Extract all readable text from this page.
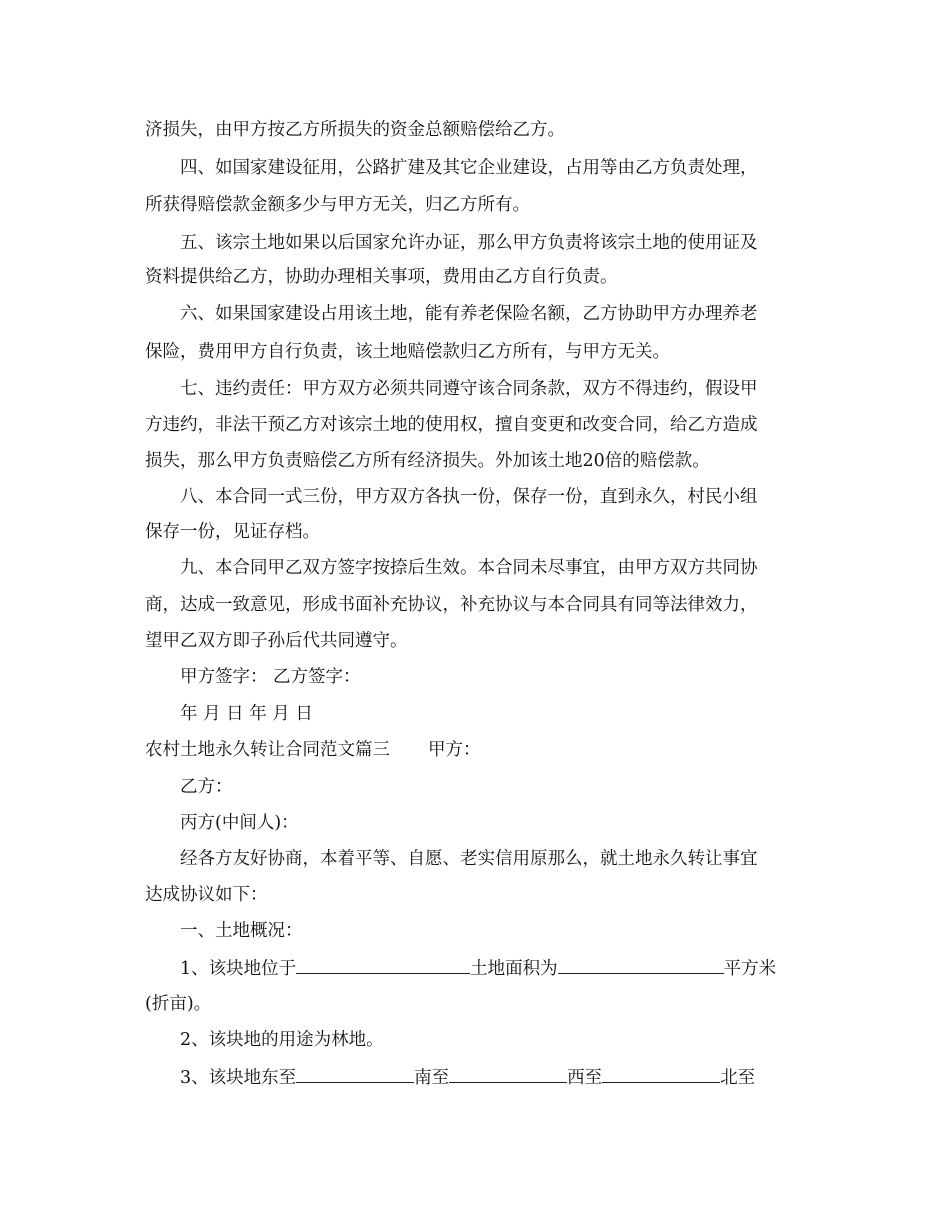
济损失，由甲方按乙方所损失的资金总额赔偿给乙方。
四、如国家建设征用，公路扩建及其它企业建设，占用等由乙方负责处理，
所获得赔偿款金额多少与甲方无关，归乙方所有。
五、该宗土地如果以后国家允许办证，那么甲方负责将该宗土地的使用证及
资料提供给乙方，协助办理相关事项，费用由乙方自行负责。
六、如果国家建设占用该土地，能有养老保险名额，乙方协助甲方办理养老
保险，费用甲方自行负责，该土地赔偿款归乙方所有，与甲方无关。
七、违约责任：甲方双方必须共同遵守该合同条款，双方不得违约，假设甲
方违约，非法干预乙方对该宗土地的使用权，擅自变更和改变合同，给乙方造成
损失，那么甲方负责赔偿乙方所有经济损失。外加该土地20倍的赔偿款。
八、本合同一式三份，甲方双方各执一份，保存一份，直到永久，村民小组
保存一份，见证存档。
九、本合同甲乙双方签字按捺后生效。本合同未尽事宜，由甲方双方共同协
商，达成一致意见，形成书面补充协议，补充协议与本合同具有同等法律效力，
望甲乙双方即子孙后代共同遵守。
甲方签字： 乙方签字：
年 月 日 年 月 日
农村土地永久转让合同范文篇三 甲方：
乙方：
丙方(中间人)：
经各方友好协商，本着平等、自愿、老实信用原那么，就土地永久转让事宜
达成协议如下：
一、土地概况：
1、该块地位于	土地面积为	平方米
(折亩)。
2、该块地的用途为林地。
3、该块地东至	南至	西至	北至
